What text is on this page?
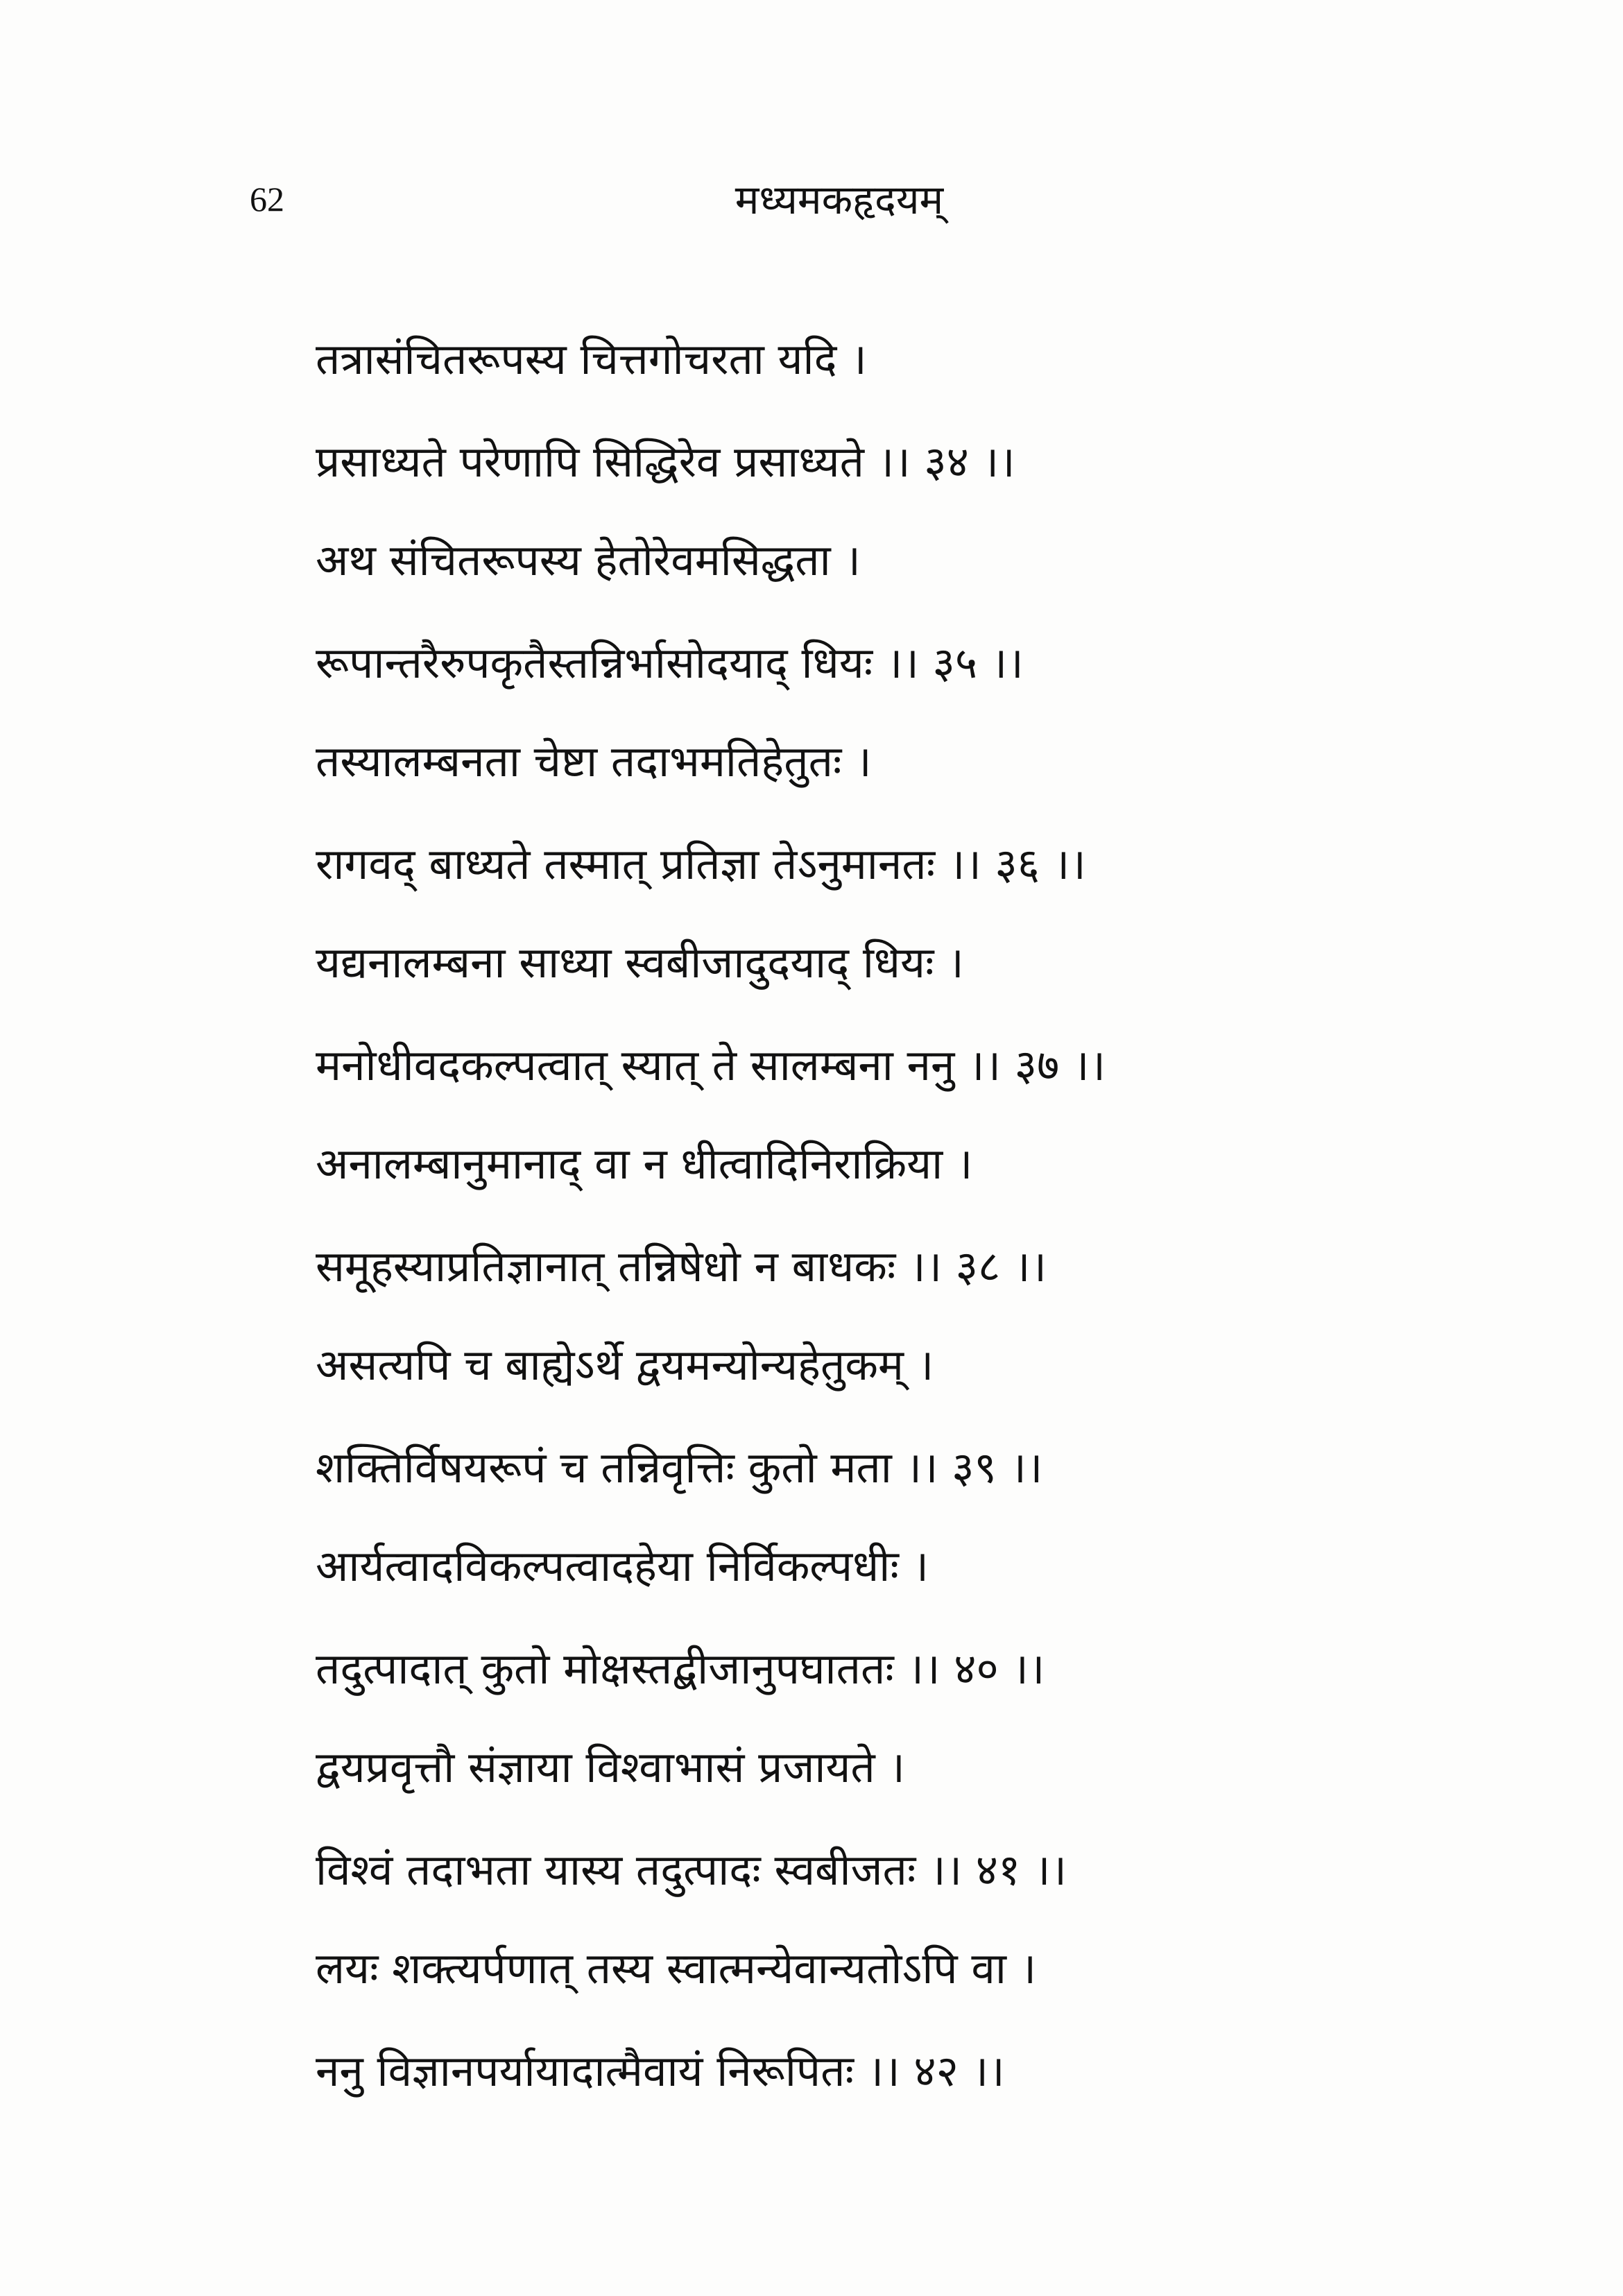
62	मध्यमकहृदयम्
तत्रासंचितरूपस्य चित्तगोचरता यदि ।
प्रसाध्यते परेणापि सिद्धिरेव प्रसाध्यते ।। ३४ ।।
अथ संचितरूपस्य हेतोरेवमसिद्धता ।
रूपान्तरैरुपकृतैस्तन्निर्भासोदयाद् धियः ।। ३५ ।।
तस्यालम्बनता चेष्टा तदाभमतिहेतुतः ।
रागवद् बाध्यते तस्मात् प्रतिज्ञा तेऽनुमानतः ।। ३६ ।।
यद्यनालम्बना साध्या स्वबीजादुदयाद् धियः ।
मनोधीवदकल्पत्वात् स्यात् ते सालम्बना ननु ।। ३७ ।।
अनालम्बानुमानाद् वा न धीत्वादिनिराक्रिया ।
समूहस्याप्रतिज्ञानात् तन्निषेधो न बाधकः ।। ३८ ।।
असत्यपि च बाह्येऽर्थे द्वयमन्योन्यहेतुकम् ।
शक्तिर्विषयरूपं च तन्निवृत्तिः कुतो मता ।। ३९ ।।
आर्यत्वादविकल्पत्वादहेया निर्विकल्पधीः ।
तदुत्पादात् कुतो मोक्षस्तद्बीजानुपघाततः ।। ४० ।।
द्वयप्रवृत्तौ संज्ञाया विश्वाभासं प्रजायते ।
विश्वं तदाभता यास्य तदुत्पादः स्वबीजतः ।। ४१ ।।
लयः शक्त्यर्पणात् तस्य स्वात्मन्येवान्यतोऽपि वा ।
ननु विज्ञानपर्यायादात्मैवायं निरूपितः ।। ४२ ।।
